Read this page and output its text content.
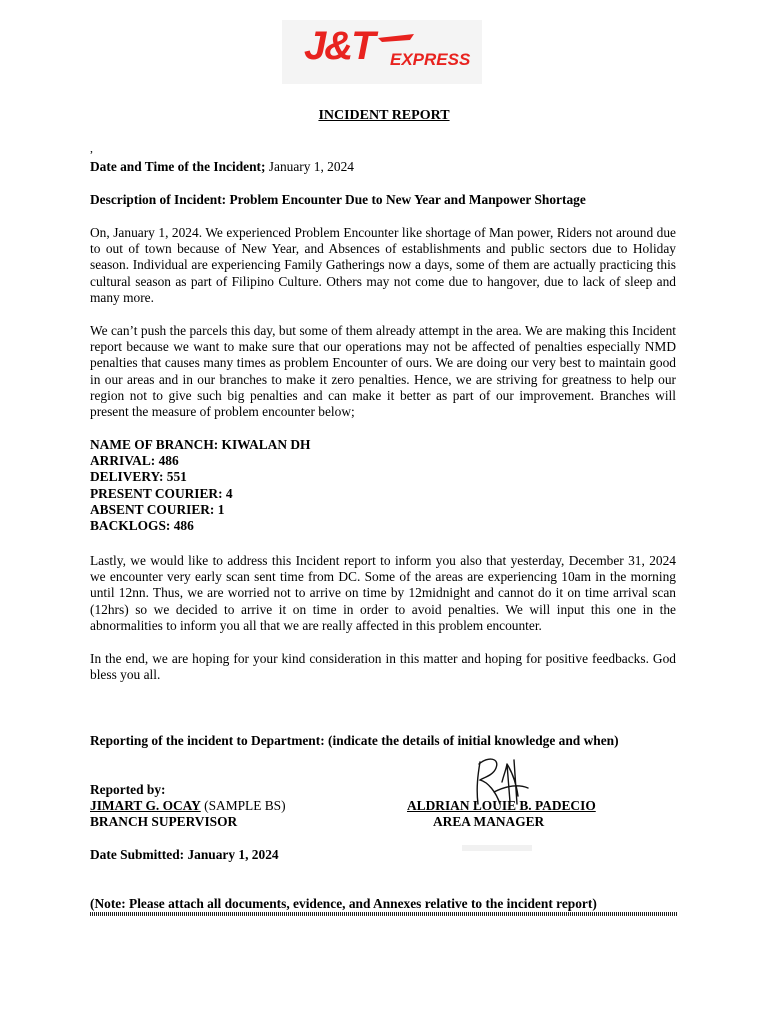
J&T EXPRESS
INCIDENT REPORT
,
Date and Time of the Incident; January 1, 2024
Description of Incident: Problem Encounter Due to New Year and Manpower Shortage
On, January 1, 2024. We experienced Problem Encounter like shortage of Man power, Riders not around due to out of town because of New Year, and Absences of establishments and public sectors due to Holiday season. Individual are experiencing Family Gatherings now a days, some of them are actually practicing this cultural season as part of Filipino Culture. Others may not come due to hangover, due to lack of sleep and many more.
We can’t push the parcels this day, but some of them already attempt in the area. We are making this Incident report because we want to make sure that our operations may not be affected of penalties especially NMD penalties that causes many times as problem Encounter of ours. We are doing our very best to maintain good in our areas and in our branches to make it zero penalties. Hence, we are striving for greatness to help our region not to give such big penalties and can make it better as part of our improvement. Branches will present the measure of problem encounter below;
NAME OF BRANCH: KIWALAN DH
ARRIVAL: 486
DELIVERY: 551
PRESENT COURIER: 4
ABSENT COURIER: 1
BACKLOGS: 486
Lastly, we would like to address this Incident report to inform you also that yesterday, December 31, 2024 we encounter very early scan sent time from DC. Some of the areas are experiencing 10am in the morning until 12nn. Thus, we are worried not to arrive on time by 12midnight and cannot do it on time arrival scan (12hrs) so we decided to arrive it on time in order to avoid penalties. We will input this one in the abnormalities to inform you all that we are really affected in this problem encounter.
In the end, we are hoping for your kind consideration in this matter and hoping for positive feedbacks. God bless you all.
Reporting of the incident to Department: (indicate the details of initial knowledge and when)
Reported by:
JIMART G. OCAY (SAMPLE BS)
BRANCH SUPERVISOR
ALDRIAN LOUIE B. PADECIO
AREA MANAGER
Date Submitted: January 1, 2024
(Note: Please attach all documents, evidence, and Annexes relative to the incident report)
